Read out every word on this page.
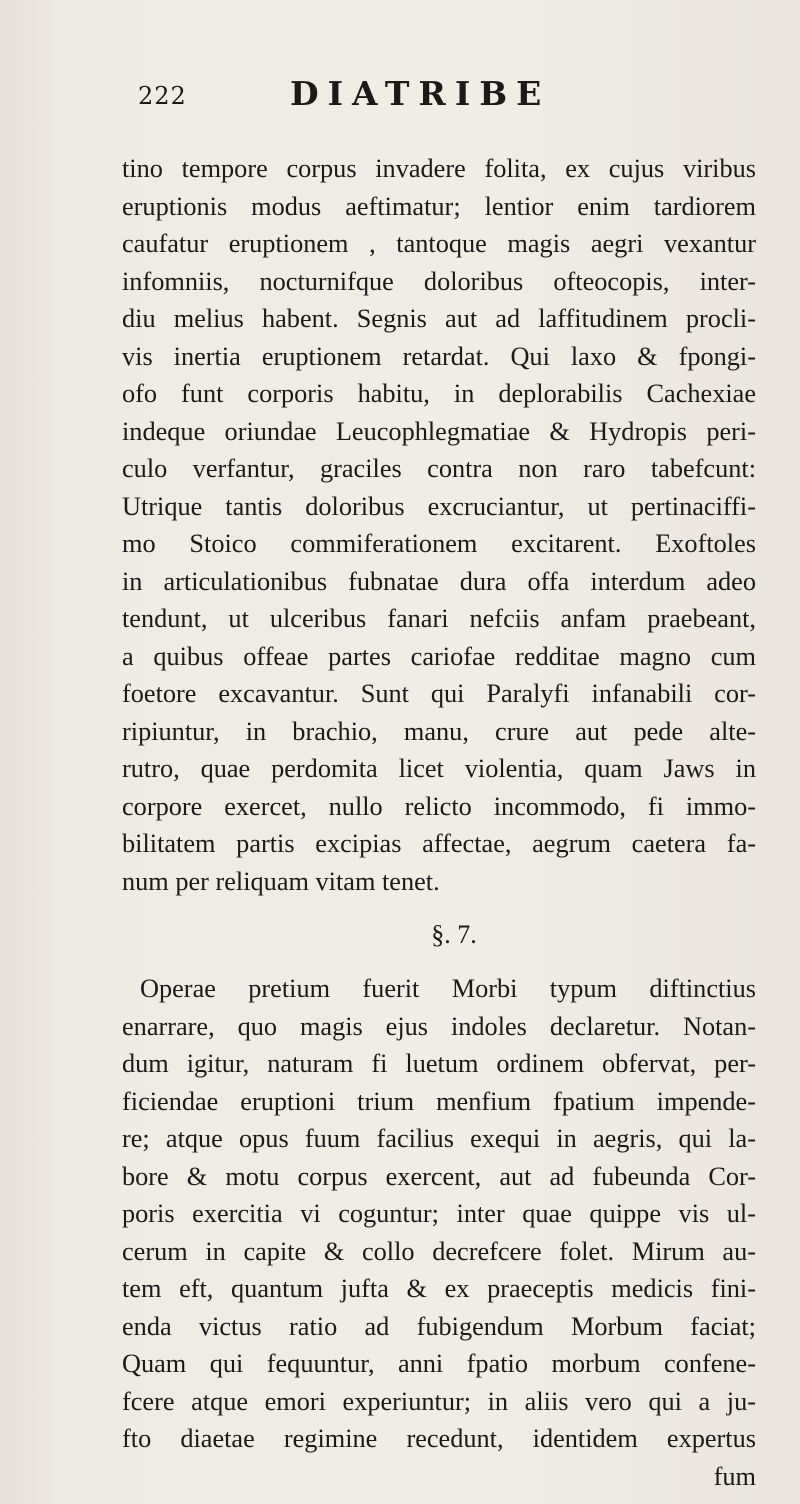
222	DIATRIBE
tino tempore corpus invadere folita, ex cujus viribus
eruptionis modus aeftimatur; lentior enim tardiorem
caufatur eruptionem , tantoque magis aegri vexantur
infomniis, nocturnifque doloribus ofteocopis, inter-
diu melius habent. Segnis aut ad laffitudinem procli-
vis inertia eruptionem retardat. Qui laxo & fpongi-
ofo funt corporis habitu, in deplorabilis Cachexiae
indeque oriundae Leucophlegmatiae & Hydropis peri-
culo verfantur, graciles contra non raro tabefcunt:
Utrique tantis doloribus excruciantur, ut pertinaciffi-
mo Stoico commiferationem excitarent. Exoftoles
in articulationibus fubnatae dura offa interdum adeo
tendunt, ut ulceribus fanari nefciis anfam praebeant,
a quibus offeae partes cariofae redditae magno cum
foetore excavantur. Sunt qui Paralyfi infanabili cor-
ripiuntur, in brachio, manu, crure aut pede alte-
rutro, quae perdomita licet violentia, quam Jaws in
corpore exercet, nullo relicto incommodo, fi immo-
bilitatem partis excipias affectae, aegrum caetera fa-
num per reliquam vitam tenet.
§. 7.
Operae pretium fuerit Morbi typum diftinctius
enarrare, quo magis ejus indoles declaretur. Notan-
dum igitur, naturam fi luetum ordinem obfervat, per-
ficiendae eruptioni trium menfium fpatium impende-
re; atque opus fuum facilius exequi in aegris, qui la-
bore & motu corpus exercent, aut ad fubeunda Cor-
poris exercitia vi coguntur; inter quae quippe vis ul-
cerum in capite & collo decrefcere folet. Mirum au-
tem eft, quantum jufta & ex praeceptis medicis fini-
enda victus ratio ad fubigendum Morbum faciat;
Quam qui fequuntur, anni fpatio morbum confene-
fcere atque emori experiuntur; in aliis vero qui a ju-
fto diaetae regimine recedunt, identidem expertus
fum
